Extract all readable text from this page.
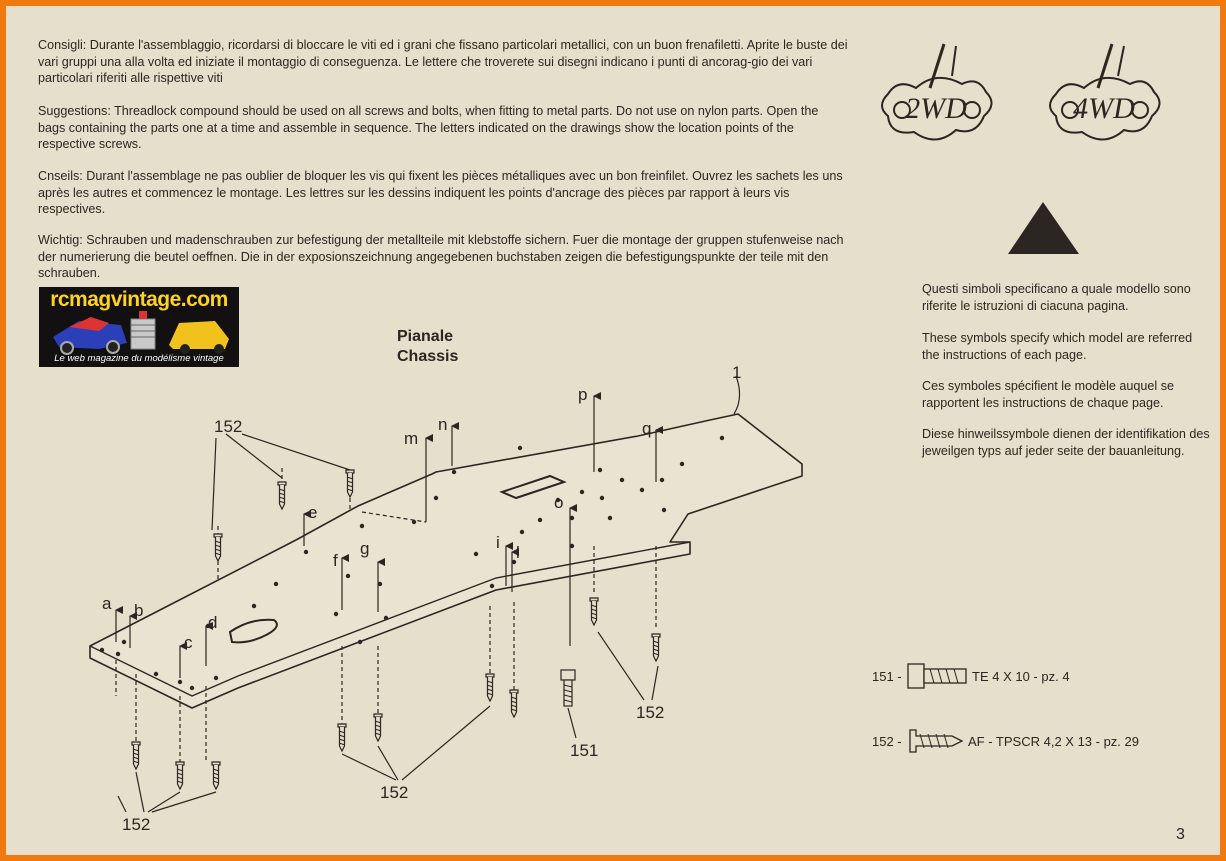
Consigli: Durante l'assemblaggio, ricordarsi di bloccare le viti ed i grani che fissano particolari metallici, con un buon frenafiletti. Aprite le buste dei vari gruppi una alla volta ed iniziate il montaggio di conseguenza. Le lettere che troverete sui disegni indicano i punti di ancorag-gio dei vari particolari riferiti alle rispettive viti

Suggestions: Threadlock compound should be used on all screws and bolts, when fitting to metal parts. Do not use on nylon parts. Open the bags containing the parts one at a time and assemble in sequence. The letters indicated on the drawings show the location points of the respective screws.

Cnseils: Durant l'assemblage ne pas oublier de bloquer les vis qui fixent les pièces métalliques avec un bon freinfilet. Ouvrez les sachets les uns après les autres et commencez le montage. Les lettres sur les dessins indiquent les points d'ancrage des pièces par rapport à leurs vis respectives.

Wichtig: Schrauben und madenschrauben zur befestigung der metallteile mit klebstoffe sichern. Fuer die montage der gruppen stufenweise nach der numerierung die beutel oeffnen. Die in der exposionszeichnung angegebenen buchstaben zeigen die befestigungspunkte der teile mit den schrauben.

rcmagvintage.com
Le web magazine du modélisme vintage
Pianale
Chassis

Questi simboli specificano a quale modello sono riferite le istruzioni di ciacuna pagina.

These symbols specify which model are referred the instructions of each page.

Ces symboles spécifient le modèle auquel se rapportent les instructions de chaque page.

Diese hinweilssymbole dienen der identifikation des jeweilgen typs auf jeder seite der bauanleitung.

3
2WD	4WD
a b
c
d
e
f
g	i
l
m
n
o
p
q
1
152
152
152
152
151
151 -	TE 4 X 10 - pz. 4
152 -	AF - TPSCR 4,2 X 13 - pz. 29
